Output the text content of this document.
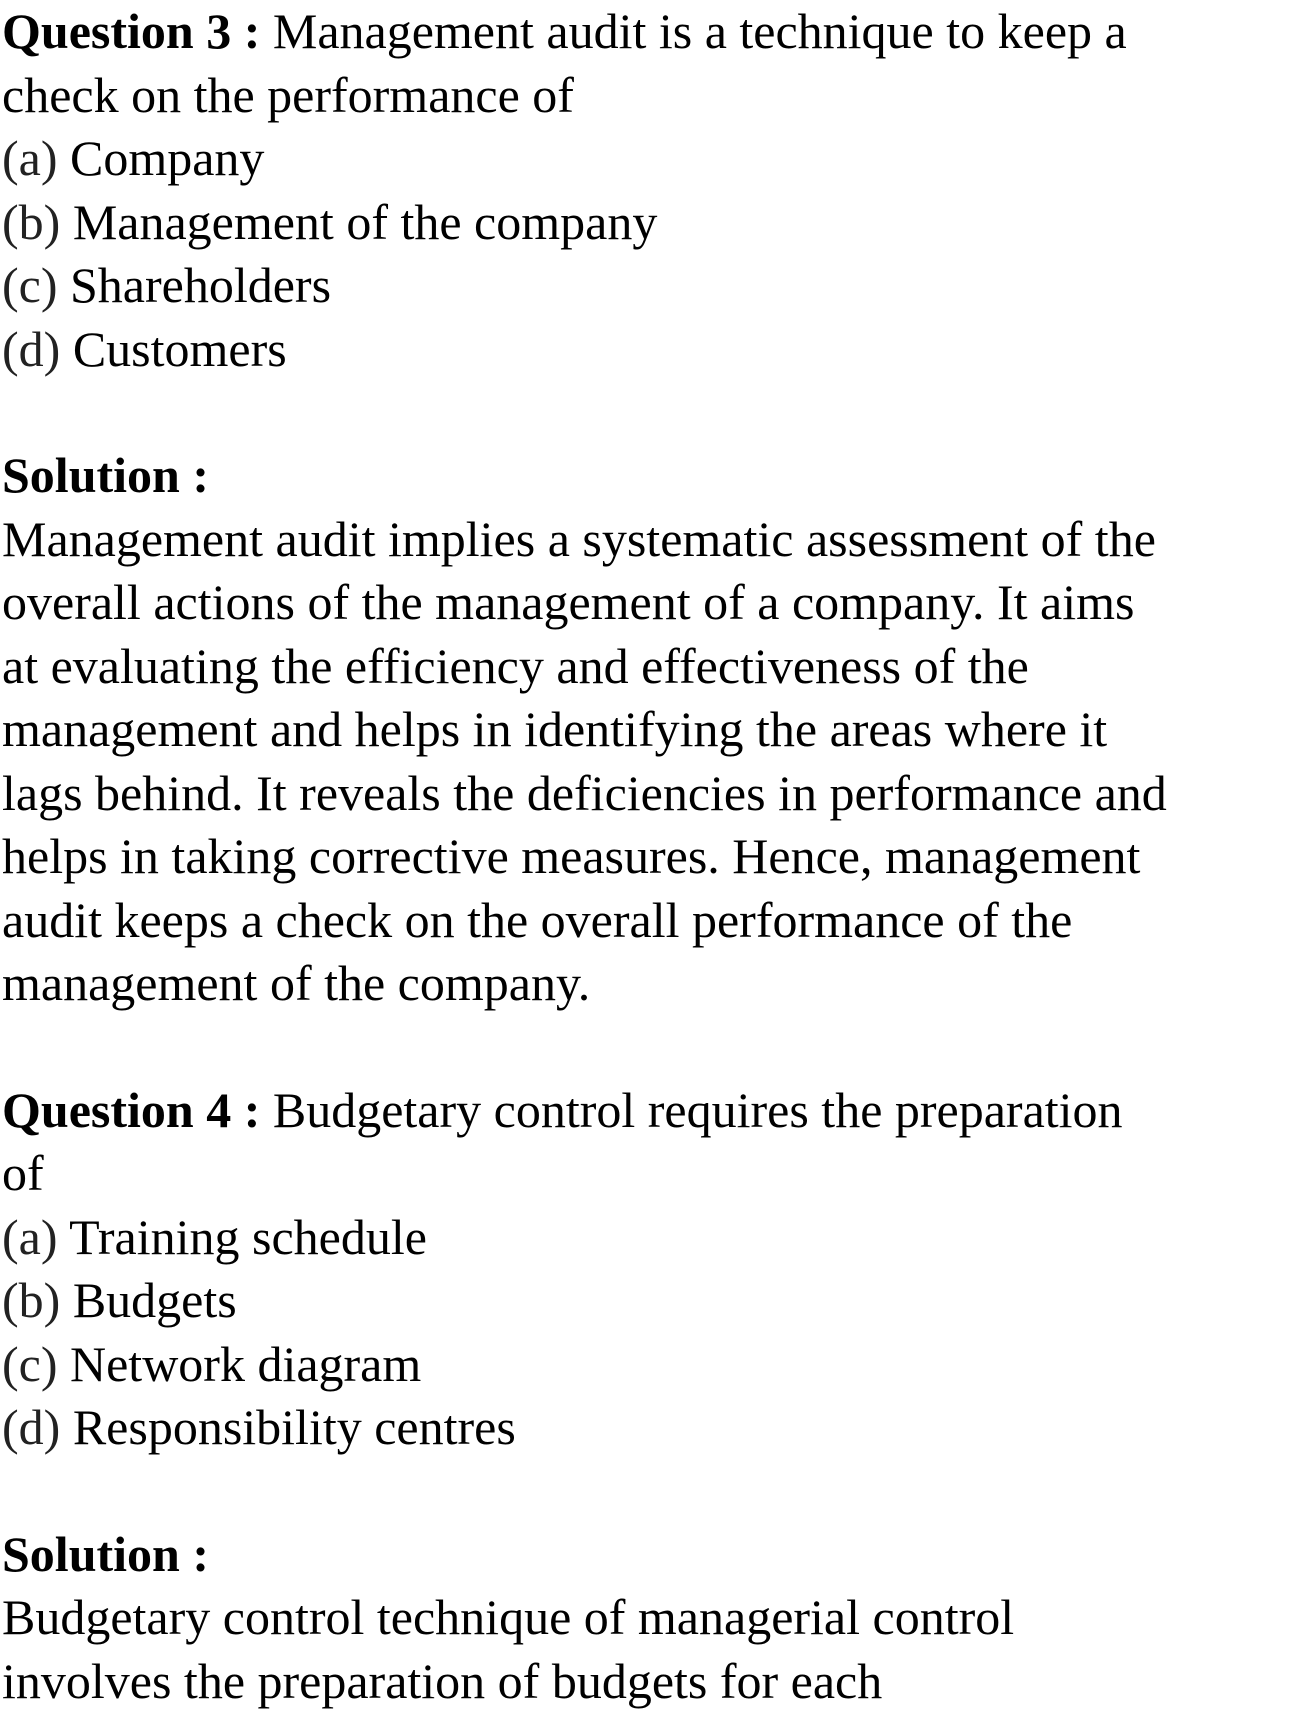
Question 3 : Management audit is a technique to keep a
check on the performance of
(a) Company
(b) Management of the company
(c) Shareholders
(d) Customers
Solution :
Management audit implies a systematic assessment of the
overall actions of the management of a company. It aims
at evaluating the efficiency and effectiveness of the
management and helps in identifying the areas where it
lags behind. It reveals the deficiencies in performance and
helps in taking corrective measures. Hence, management
audit keeps a check on the overall performance of the
management of the company.
Question 4 : Budgetary control requires the preparation
of
(a) Training schedule
(b) Budgets
(c) Network diagram
(d) Responsibility centres
Solution :
Budgetary control technique of managerial control
involves the preparation of budgets for each
